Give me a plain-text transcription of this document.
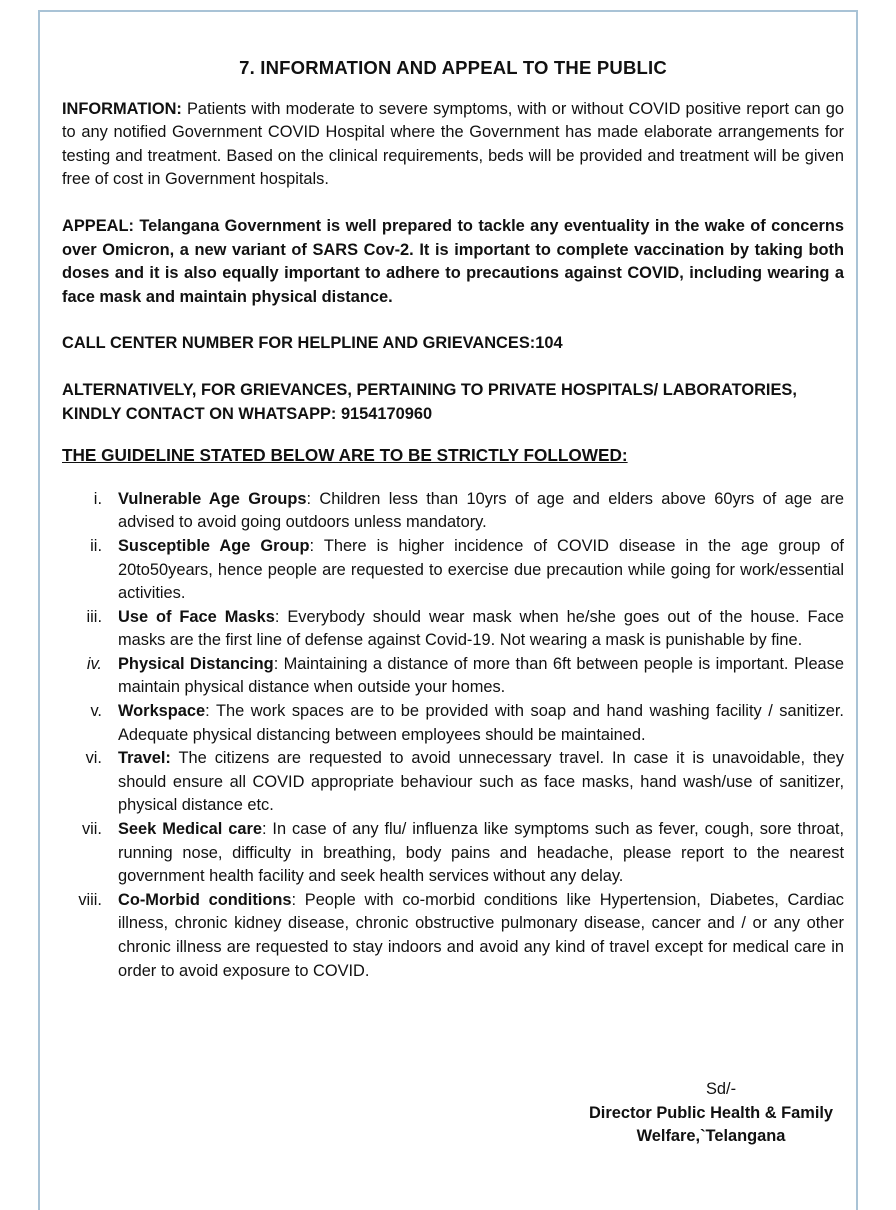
7. INFORMATION AND APPEAL TO THE PUBLIC

INFORMATION: Patients with moderate to severe symptoms, with or without COVID positive report can go to any notified Government COVID Hospital where the Government has made elaborate arrangements for testing and treatment. Based on the clinical requirements, beds will be provided and treatment will be given free of cost in Government hospitals.

APPEAL: Telangana Government is well prepared to tackle any eventuality in the wake of concerns over Omicron, a new variant of SARS Cov-2. It is important to complete vaccination by taking both doses and it is also equally important to adhere to precautions against COVID, including wearing a face mask and maintain physical distance.

CALL CENTER NUMBER FOR HELPLINE AND GRIEVANCES:104

ALTERNATIVELY, FOR GRIEVANCES, PERTAINING TO PRIVATE HOSPITALS/ LABORATORIES, KINDLY CONTACT ON WHATSAPP: 9154170960

THE GUIDELINE STATED BELOW ARE TO BE STRICTLY FOLLOWED:
i. Vulnerable Age Groups: Children less than 10yrs of age and elders above 60yrs of age are advised to avoid going outdoors unless mandatory.
ii. Susceptible Age Group: There is higher incidence of COVID disease in the age group of 20to50years, hence people are requested to exercise due precaution while going for work/essential activities.
iii. Use of Face Masks: Everybody should wear mask when he/she goes out of the house. Face masks are the first line of defense against Covid-19. Not wearing a mask is punishable by fine.
iv. Physical Distancing: Maintaining a distance of more than 6ft between people is important. Please maintain physical distance when outside your homes.
v. Workspace: The work spaces are to be provided with soap and hand washing facility / sanitizer. Adequate physical distancing between employees should be maintained.
vi. Travel: The citizens are requested to avoid unnecessary travel. In case it is unavoidable, they should ensure all COVID appropriate behaviour such as face masks, hand wash/use of sanitizer, physical distance etc.
vii. Seek Medical care: In case of any flu/ influenza like symptoms such as fever, cough, sore throat, running nose, difficulty in breathing, body pains and headache, please report to the nearest government health facility and seek health services without any delay.
viii. Co-Morbid conditions: People with co-morbid conditions like Hypertension, Diabetes, Cardiac illness, chronic kidney disease, chronic obstructive pulmonary disease, cancer and / or any other chronic illness are requested to stay indoors and avoid any kind of travel except for medical care in order to avoid exposure to COVID.
Sd/-
Director Public Health & Family
Welfare,`Telangana
